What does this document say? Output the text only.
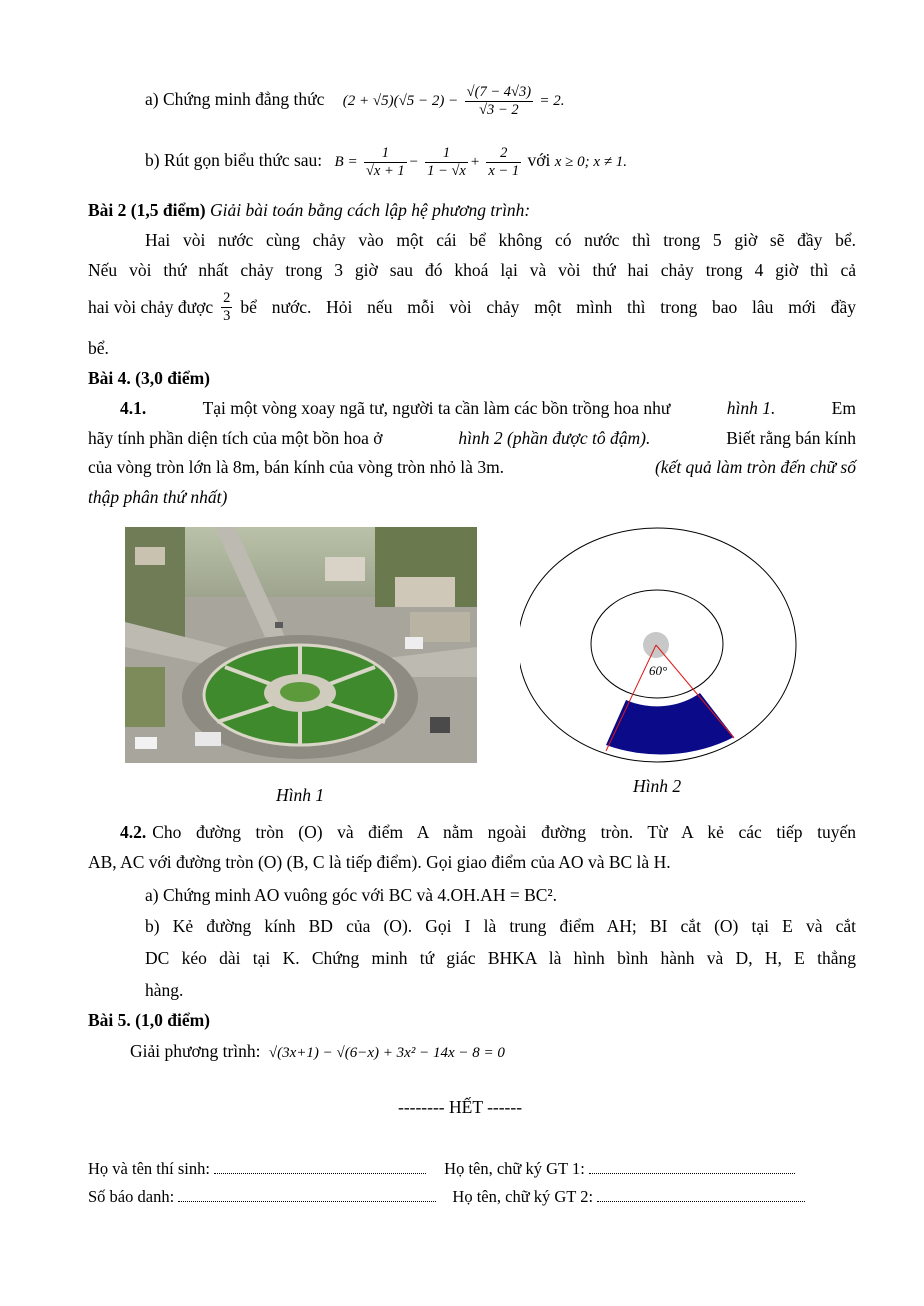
a) Chứng minh đẳng thức $(2 + √5)(√5 - 2) - \frac{√(7 - 4√3)}{√3 - 2} = 2$.
b) Rút gọn biểu thức sau: $B = \frac{1}{√x + 1} - \frac{1}{1 - √x} + \frac{2}{x - 1}$ với x ≥ 0; x ≠ 1.
Bài 2 (1,5 điểm) Giải bài toán bằng cách lập hệ phương trình:
Hai vòi nước cùng chảy vào một cái bể không có nước thì trong 5 giờ sẽ đầy bể.
Nếu vòi thứ nhất chảy trong 3 giờ sau đó khoá lại và vòi thứ hai chảy trong 4 giờ thì cả
hai vòi chảy được $\frac{2}{3}$ bể nước. Hỏi nếu mỗi vòi chảy một mình thì trong bao lâu mới đầy
bể.
Bài 4. (3,0 điểm)
4.1.	Tại một vòng xoay ngã tư, người ta cần làm các bồn trồng hoa như	hình 1.	Em
hãy tính phần diện tích của một bồn hoa ở	hình 2 (phần được tô đậm).	Biết rằng bán kính
của vòng tròn lớn là 8m, bán kính của vòng tròn nhỏ là 3m.	(kết quả làm tròn đến chữ số
thập phân thứ nhất)
Hình 1
60°
Hình 2
4.2. Cho đường tròn (O) và điểm A nằm ngoài đường tròn. Từ A kẻ các tiếp tuyến
AB, AC với đường tròn (O) (B, C là tiếp điểm). Gọi giao điểm của AO và BC là H.
a) Chứng minh AO vuông góc với BC và 4.OH.AH = BC².
b) Kẻ đường kính BD của (O). Gọi I là trung điểm AH; BI cắt (O) tại E và cắt
DC kéo dài tại K. Chứng minh tứ giác BHKA là hình bình hành và D, H, E thẳng
hàng.
Bài 5. (1,0 điểm)
Giải phương trình: √(3x+1) − √(6−x) + 3x² − 14x − 8 = 0
-------- HẾT ------
Họ và tên thí sinh:	Họ tên, chữ ký GT 1:
Số báo danh:	Họ tên, chữ ký GT 2:
